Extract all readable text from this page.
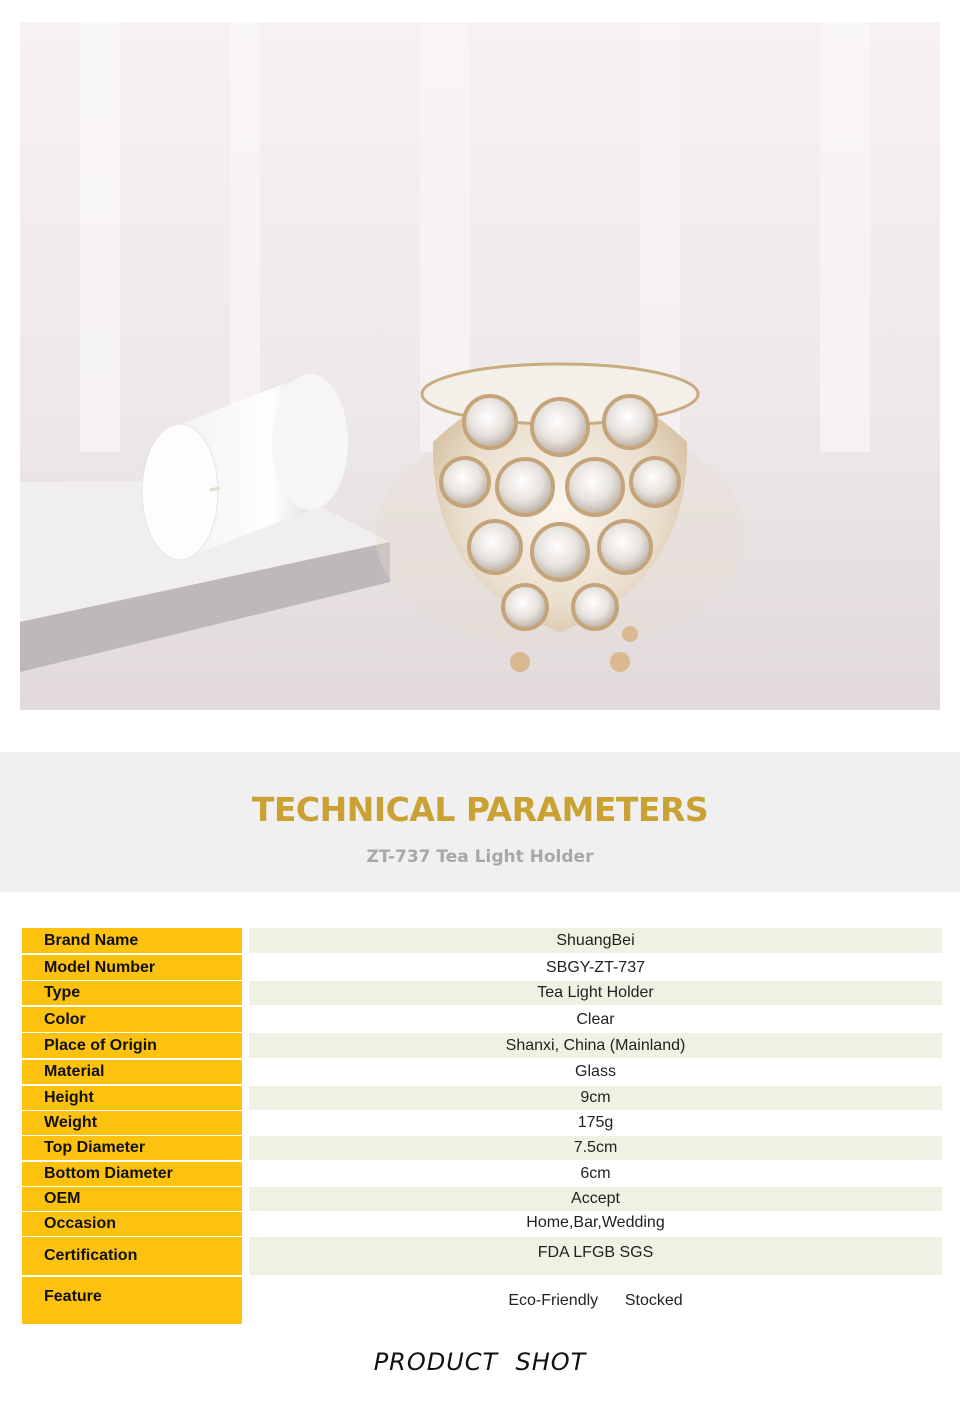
TECHNICAL PARAMETERS
ZT-737 Tea Light Holder
Brand Name	ShuangBei
Model Number	SBGY-ZT-737
Type	Tea Light Holder
Color	Clear
Place of Origin	Shanxi, China (Mainland)
Material	Glass
Height	9cm
Weight	175g
Top Diameter	7.5cm
Bottom Diameter	6cm
OEM	Accept
Occasion	Home,Bar,Wedding
Certification	FDA LFGB SGS
Feature	Eco-Friendly      Stocked
PRODUCT  SHOT
